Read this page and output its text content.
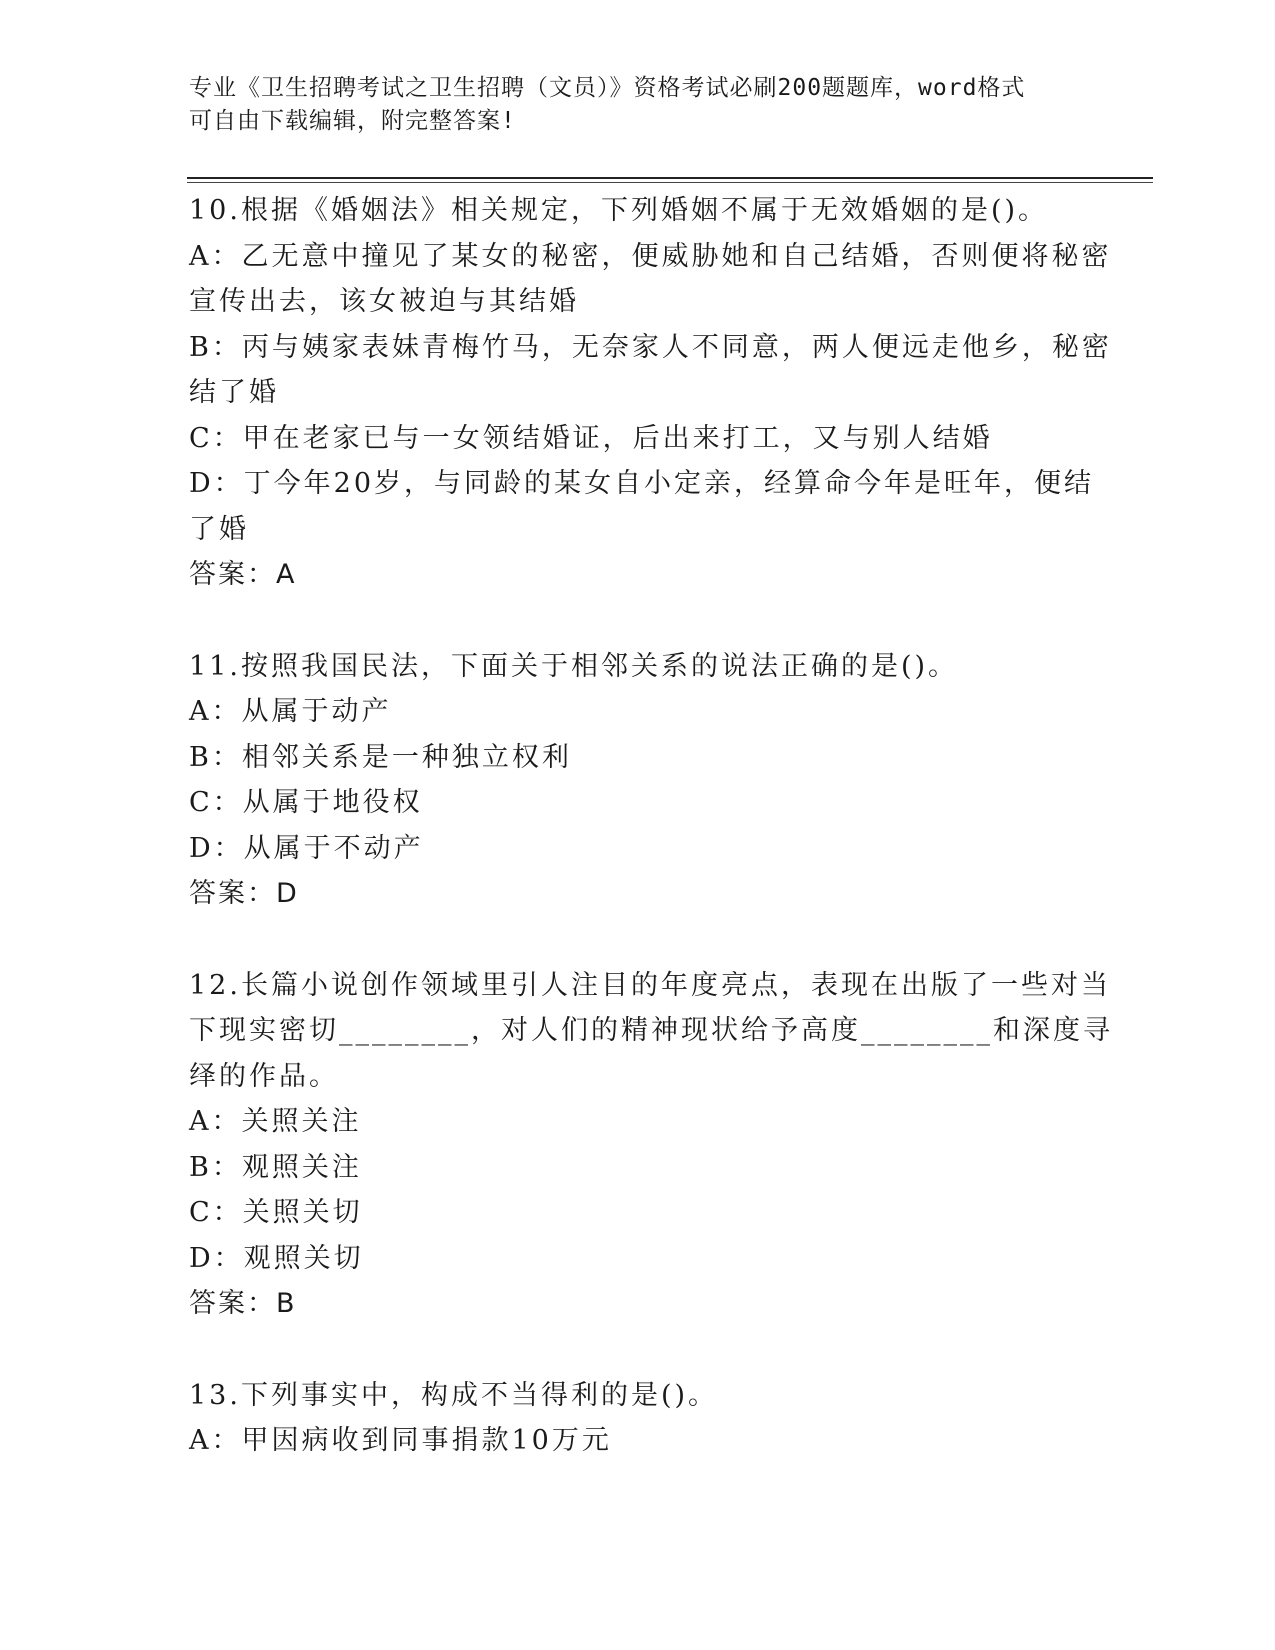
专业《卫生招聘考试之卫生招聘（文员）》资格考试必刷200题题库，word格式
可自由下载编辑，附完整答案!
10.根据《婚姻法》相关规定，下列婚姻不属于无效婚姻的是()。
A：乙无意中撞见了某女的秘密，便威胁她和自己结婚，否则便将秘密
宣传出去，该女被迫与其结婚
B：丙与姨家表妹青梅竹马，无奈家人不同意，两人便远走他乡，秘密
结了婚
C：甲在老家已与一女领结婚证，后出来打工，又与别人结婚
D：丁今年20岁，与同龄的某女自小定亲，经算命今年是旺年，便结
了婚
答案：A
11.按照我国民法，下面关于相邻关系的说法正确的是()。
A：从属于动产
B：相邻关系是一种独立权利
C：从属于地役权
D：从属于不动产
答案：D
12.长篇小说创作领域里引人注目的年度亮点，表现在出版了一些对当
下现实密切________，对人们的精神现状给予高度________和深度寻
绎的作品。
A：关照关注
B：观照关注
C：关照关切
D：观照关切
答案：B
13.下列事实中，构成不当得利的是()。
A：甲因病收到同事捐款10万元
